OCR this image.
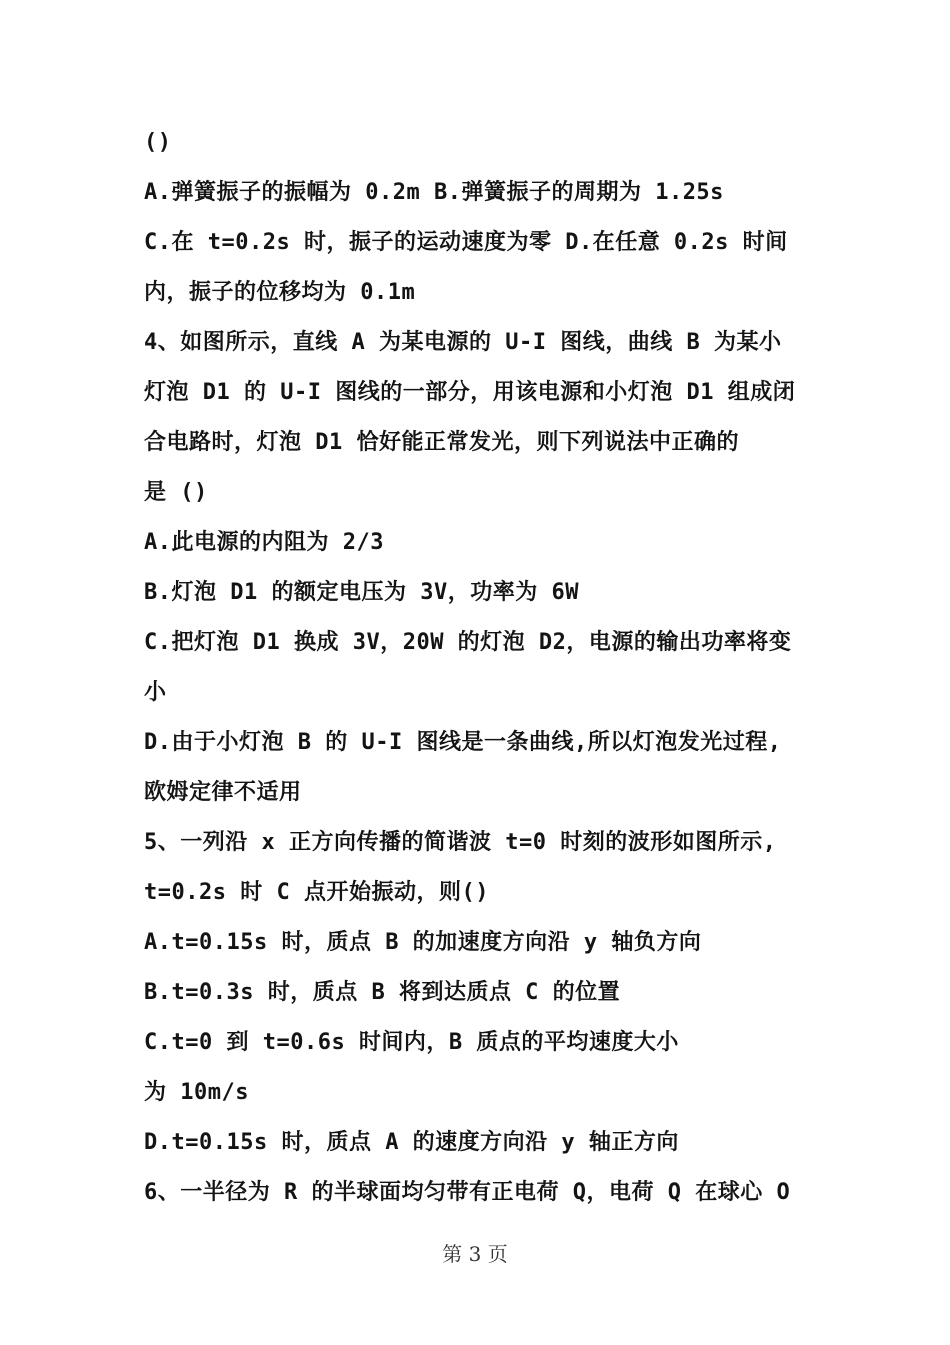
()
A.弹簧振子的振幅为 0.2m B.弹簧振子的周期为 1.25s
C.在 t=0.2s 时，振子的运动速度为零 D.在任意 0.2s 时间
内，振子的位移均为 0.1m
4、如图所示，直线 A 为某电源的 U-I 图线，曲线 B 为某小
灯泡 D1 的 U-I 图线的一部分，用该电源和小灯泡 D1 组成闭
合电路时，灯泡 D1 恰好能正常发光，则下列说法中正确的
是 ()
A.此电源的内阻为 2/3
B.灯泡 D1 的额定电压为 3V，功率为 6W
C.把灯泡 D1 换成 3V，20W 的灯泡 D2，电源的输出功率将变
小
D.由于小灯泡 B 的 U-I 图线是一条曲线,所以灯泡发光过程,
欧姆定律不适用
5、一列沿 x 正方向传播的简谐波 t=0 时刻的波形如图所示,
t=0.2s 时 C 点开始振动，则()
A.t=0.15s 时，质点 B 的加速度方向沿 y 轴负方向
B.t=0.3s 时，质点 B 将到达质点 C 的位置
C.t=0 到 t=0.6s 时间内，B 质点的平均速度大小
为 10m/s
D.t=0.15s 时，质点 A 的速度方向沿 y 轴正方向
6、一半径为 R 的半球面均匀带有正电荷 Q，电荷 Q 在球心 O
第 3 页
